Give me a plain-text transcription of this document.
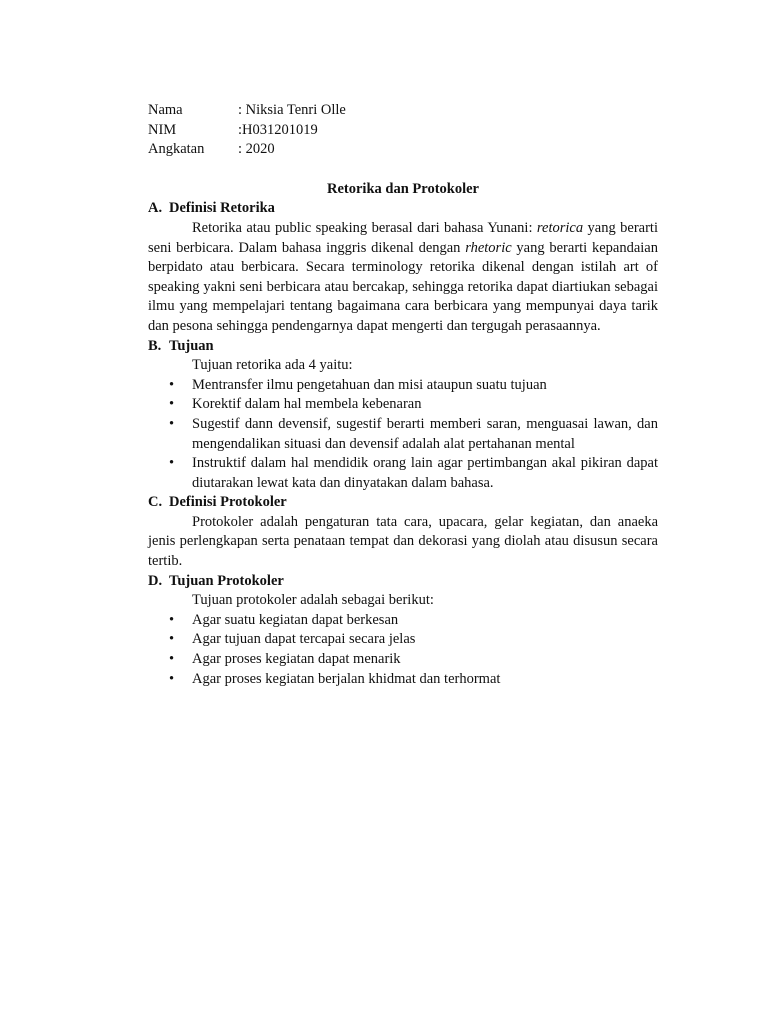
Nama	: Niksia Tenri Olle
NIM	:H031201019
Angkatan	: 2020
Retorika dan Protokoler
A. Definisi Retorika
Retorika atau public speaking berasal dari bahasa Yunani: retorica yang berarti seni berbicara. Dalam bahasa inggris dikenal dengan rhetoric yang berarti kepandaian berpidato atau berbicara. Secara terminology retorika dikenal dengan istilah art of speaking yakni seni berbicara atau bercakap, sehingga retorika dapat diartiukan sebagai ilmu yang mempelajari tentang bagaimana cara berbicara yang mempunyai daya tarik dan pesona sehingga pendengarnya dapat mengerti dan tergugah perasaannya.
B. Tujuan
Tujuan retorika ada 4 yaitu:
• Mentransfer ilmu pengetahuan dan misi ataupun suatu tujuan
• Korektif dalam hal membela kebenaran
• Sugestif dann devensif, sugestif berarti memberi saran, menguasai lawan, dan mengendalikan situasi dan devensif adalah alat pertahanan mental
• Instruktif dalam hal mendidik orang lain agar pertimbangan akal pikiran dapat diutarakan lewat kata dan dinyatakan dalam bahasa.
C. Definisi Protokoler
Protokoler adalah pengaturan tata cara, upacara, gelar kegiatan, dan anaeka jenis perlengkapan serta penataan tempat dan dekorasi yang diolah atau disusun secara tertib.
D. Tujuan Protokoler
Tujuan protokoler adalah sebagai berikut:
• Agar suatu kegiatan dapat berkesan
• Agar tujuan dapat tercapai secara jelas
• Agar proses kegiatan dapat menarik
• Agar proses kegiatan berjalan khidmat dan terhormat
